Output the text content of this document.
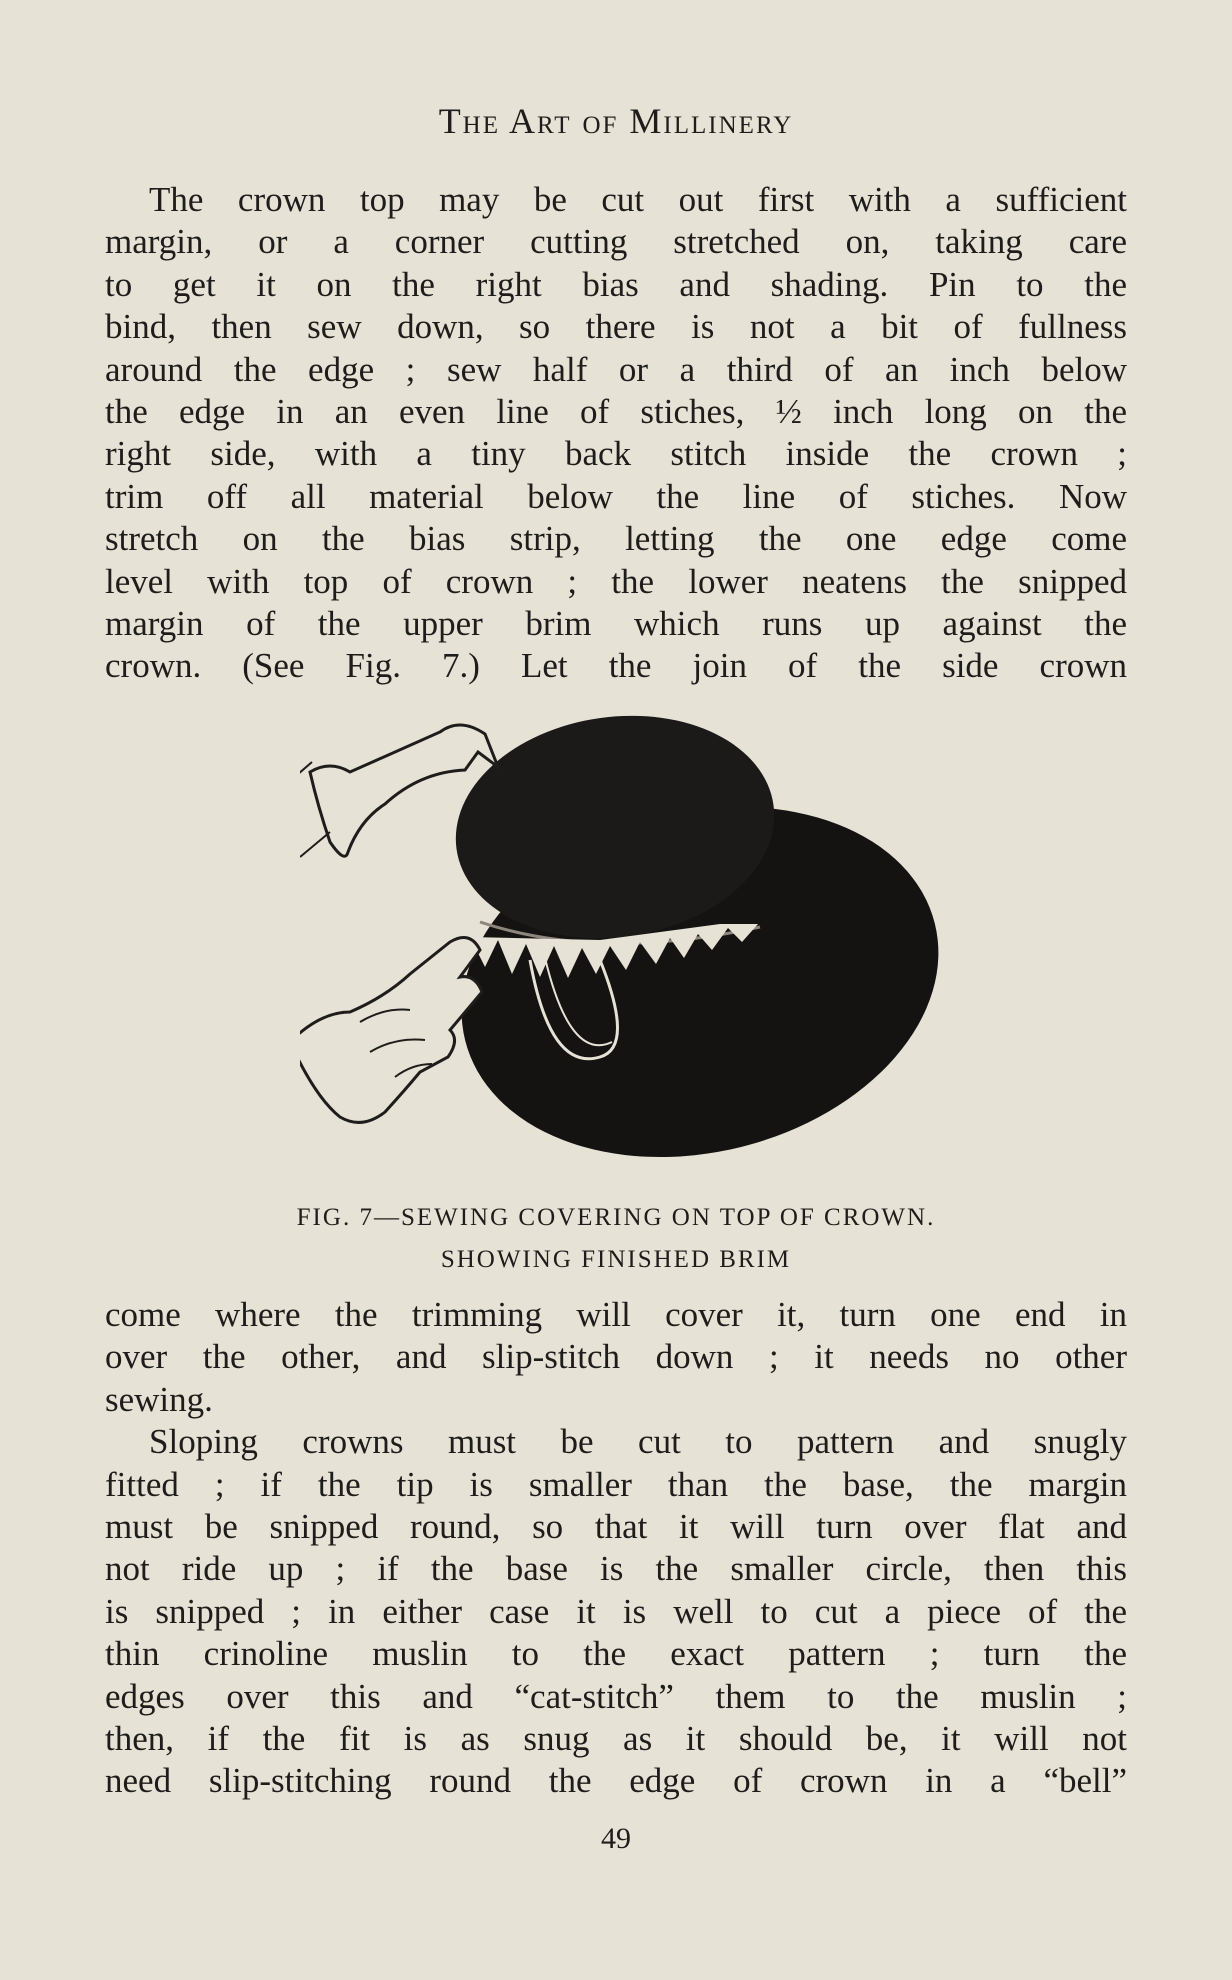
The Art of Millinery
The crown top may be cut out first with a sufficient
margin, or a corner cutting stretched on, taking care
to get it on the right bias and shading. Pin to the
bind, then sew down, so there is not a bit of fullness
around the edge ; sew half or a third of an inch below
the edge in an even line of stiches, ½ inch long on the
right side, with a tiny back stitch inside the crown ;
trim off all material below the line of stiches. Now
stretch on the bias strip, letting the one edge come
level with top of crown ; the lower neatens the snipped
margin of the upper brim which runs up against the
crown. (See Fig. 7.) Let the join of the side crown
FIG. 7—SEWING COVERING ON TOP OF CROWN.
SHOWING FINISHED BRIM
come where the trimming will cover it, turn one end in
over the other, and slip-stitch down ; it needs no other
sewing.
Sloping crowns must be cut to pattern and snugly
fitted ; if the tip is smaller than the base, the margin
must be snipped round, so that it will turn over flat and
not ride up ; if the base is the smaller circle, then this
is snipped ; in either case it is well to cut a piece of the
thin crinoline muslin to the exact pattern ; turn the
edges over this and “cat-stitch” them to the muslin ;
then, if the fit is as snug as it should be, it will not
need slip-stitching round the edge of crown in a “bell”
49
